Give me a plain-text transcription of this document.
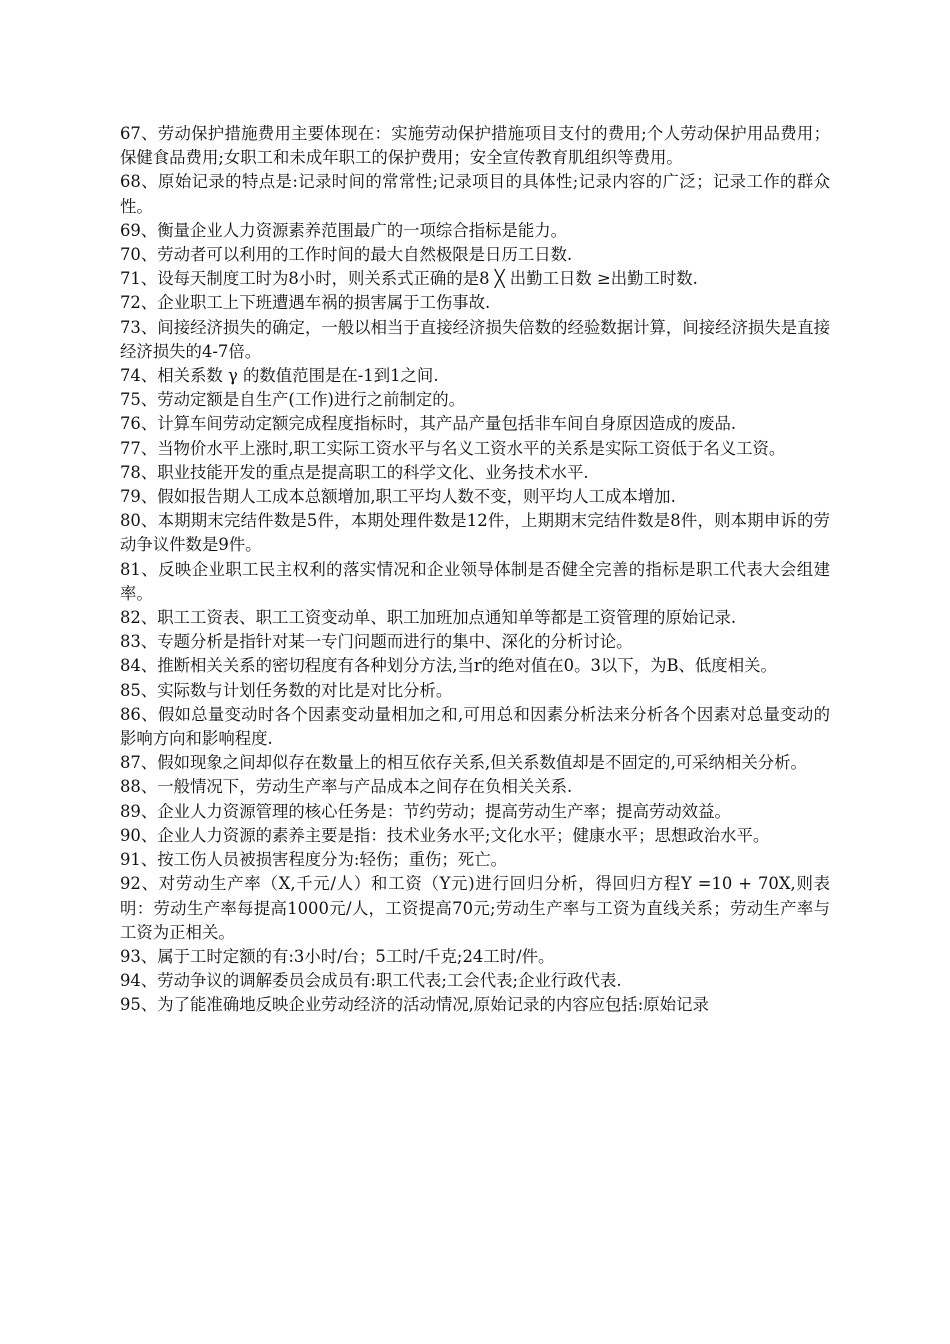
67、劳动保护措施费用主要体现在：实施劳动保护措施项目支付的费用;个人劳动保护用品费用；保健食品费用;女职工和未成年职工的保护费用；安全宣传教育肌组织等费用。

68、原始记录的特点是:记录时间的常常性;记录项目的具体性;记录内容的广泛；记录工作的群众性。

69、衡量企业人力资源素养范围最广的一项综合指标是能力。

70、劳动者可以利用的工作时间的最大自然极限是日历工日数.

71、设每天制度工时为8小时，则关系式正确的是8 ╳ 出勤工日数 ≥出勤工时数.

72、企业职工上下班遭遇车祸的损害属于工伤事故.

73、间接经济损失的确定，一般以相当于直接经济损失倍数的经验数据计算，间接经济损失是直接经济损失的4-7倍。

74、相关系数 γ 的数值范围是在-1到1之间.

75、劳动定额是自生产(工作)进行之前制定的。

76、计算车间劳动定额完成程度指标时，其产品产量包括非车间自身原因造成的废品.

77、当物价水平上涨时,职工实际工资水平与名义工资水平的关系是实际工资低于名义工资。

78、职业技能开发的重点是提高职工的科学文化、业务技术水平.

79、假如报告期人工成本总额增加,职工平均人数不变，则平均人工成本增加.

80、本期期末完结件数是5件，本期处理件数是12件，上期期末完结件数是8件，则本期申诉的劳动争议件数是9件。

81、反映企业职工民主权利的落实情况和企业领导体制是否健全完善的指标是职工代表大会组建率。

82、职工工资表、职工工资变动单、职工加班加点通知单等都是工资管理的原始记录.

83、专题分析是指针对某一专门问题而进行的集中、深化的分析讨论。

84、推断相关关系的密切程度有各种划分方法,当r的绝对值在0。3以下，为B、低度相关。

85、实际数与计划任务数的对比是对比分析。

86、假如总量变动时各个因素变动量相加之和,可用总和因素分析法来分析各个因素对总量变动的影响方向和影响程度.

87、假如现象之间却似存在数量上的相互依存关系,但关系数值却是不固定的,可采纳相关分析。

88、一般情况下，劳动生产率与产品成本之间存在负相关关系.

89、企业人力资源管理的核心任务是：节约劳动；提高劳动生产率；提高劳动效益。

90、企业人力资源的素养主要是指：技术业务水平;文化水平；健康水平；思想政治水平。

91、按工伤人员被损害程度分为:轻伤；重伤；死亡。

92、对劳动生产率（X,千元/人）和工资（Y元)进行回归分析，得回归方程Y =10 + 70X,则表明：劳动生产率每提高1000元/人，工资提高70元;劳动生产率与工资为直线关系；劳动生产率与工资为正相关。

93、属于工时定额的有:3小时/台；5工时/千克;24工时/件。

94、劳动争议的调解委员会成员有:职工代表;工会代表;企业行政代表.

95、为了能准确地反映企业劳动经济的活动情况,原始记录的内容应包括:原始记录
